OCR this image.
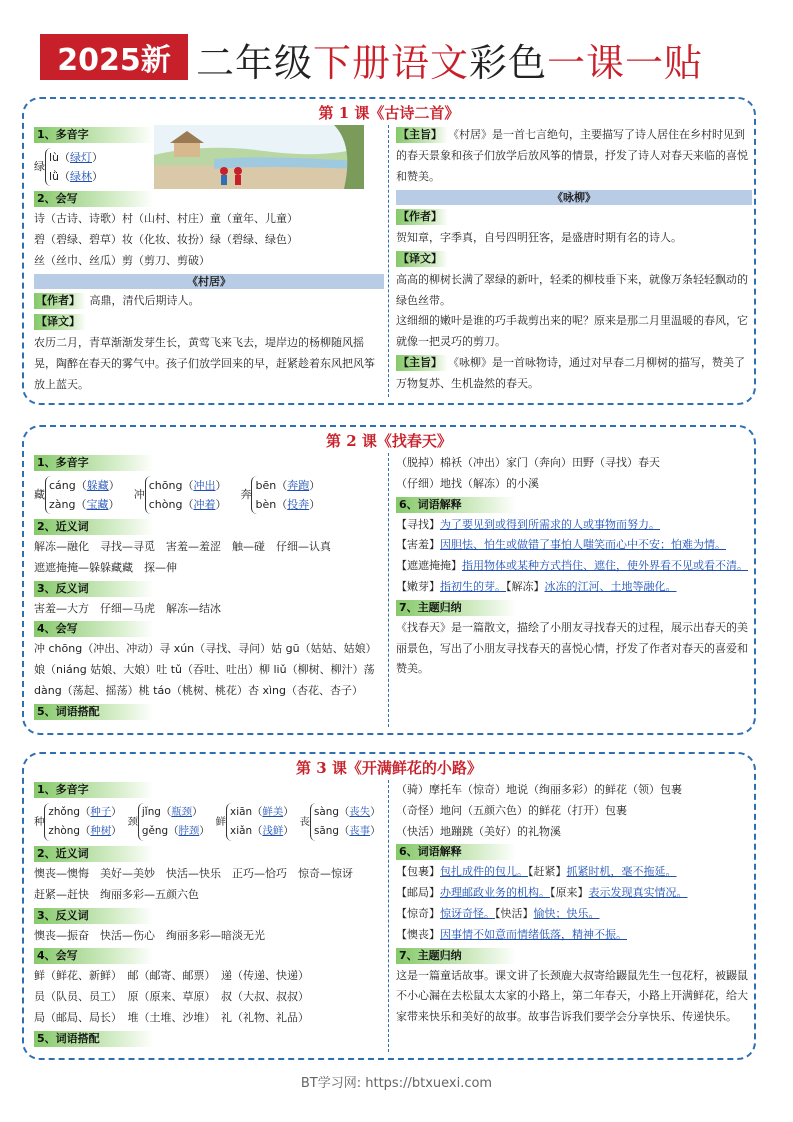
2025新 二年级下册语文彩色一课一贴
第 1 课《古诗二首》
1、多音字
绿
lù（绿灯）
lǜ（绿林）
2、会写
诗（古诗、诗歌）村（山村、村庄）童（童年、儿童）
碧（碧绿、碧草）妆（化妆、妆扮）绿（碧绿、绿色）
丝（丝巾、丝瓜）剪（剪刀、剪破）
《村居》
【作者】 高鼎，清代后期诗人。
【译文】
农历二月，青草渐渐发芽生长，黄莺飞来飞去，堤岸边的杨柳随风摇晃，陶醉在春天的雾气中。孩子们放学回来的早，赶紧趁着东风把风筝放上蓝天。
【主旨】 《村居》是一首七言绝句，主要描写了诗人居住在乡村时见到的春天景象和孩子们放学后放风筝的情景，抒发了诗人对春天来临的喜悦和赞美。
《咏柳》
【作者】
贺知章，字季真，自号四明狂客，是盛唐时期有名的诗人。
【译文】
高高的柳树长满了翠绿的新叶，轻柔的柳枝垂下来，就像万条轻轻飘动的绿色丝带。
这细细的嫩叶是谁的巧手裁剪出来的呢？原来是那二月里温暖的春风，它就像一把灵巧的剪刀。
【主旨】 《咏柳》是一首咏物诗，通过对早春二月柳树的描写，赞美了万物复苏、生机盎然的春天。
第 2 课《找春天》
1、多音字
藏
cáng（躲藏）
zàng（宝藏）
冲
chōng（冲出）
chòng（冲着）
奔
bēn（奔跑）
bèn（投奔）
2、近义词
解冻—融化　寻找—寻觅　害羞—羞涩　触—碰　仔细—认真
遮遮掩掩—躲躲藏藏　探—伸
3、反义词
害羞—大方　仔细—马虎　解冻—结冰
4、会写
冲 chōng（冲出、冲动）寻 xún（寻找、寻问）姑 gū（姑姑、姑娘）娘（niáng 姑娘、大娘）吐 tǔ（吞吐、吐出）柳 liǔ（柳树、柳汁）荡 dàng（荡起、摇荡）桃 táo（桃树、桃花）杏 xìng（杏花、杏子）
5、词语搭配
（脱掉）棉袄（冲出）家门（奔向）田野（寻找）春天
（仔细）地找（解冻）的小溪
6、词语解释
【寻找】为了要见到或得到所需求的人或事物而努力。
【害羞】因胆怯、怕生或做错了事怕人嗤笑而心中不安；怕难为情。
【遮遮掩掩】指用物体或某种方式挡住、遮住，使外界看不见或看不清。
【嫩芽】指初生的芽。【解冻】冰冻的江河、土地等融化。
7、主题归纳
《找春天》是一篇散文，描绘了小朋友寻找春天的过程，展示出春天的美丽景色，写出了小朋友寻找春天的喜悦心情，抒发了作者对春天的喜爱和赞美。
第 3 课《开满鲜花的小路》
1、多音字
种
zhǒng（种子）
zhòng（种树）
颈
jǐng（瓶颈）
gěng（脖颈）
鲜
xiān（鲜美）
xiǎn（浅鲜）
丧
sàng（丧失）
sāng（丧事）
2、近义词
懊丧—懊悔　美好—美妙　快活—快乐　正巧—恰巧　惊奇—惊讶
赶紧—赶快　绚丽多彩—五颜六色
3、反义词
懊丧—振奋　快活—伤心　绚丽多彩—暗淡无光
4、会写
鲜（鲜花、新鲜）　邮（邮寄、邮票）　递（传递、快递）
员（队员、员工）　原（原来、草原）　叔（大叔、叔叔）
局（邮局、局长）　堆（土堆、沙堆）　礼（礼物、礼品）
5、词语搭配
（骑）摩托车（惊奇）地说（绚丽多彩）的鲜花（领）包裹
（奇怪）地问（五颜六色）的鲜花（打开）包裹
（快活）地蹦跳（美好）的礼物溪
6、词语解释
【包裹】包扎成件的包儿。【赶紧】抓紧时机，毫不拖延。
【邮局】办理邮政业务的机构。【原来】表示发现真实情况。
【惊奇】惊讶奇怪。【快活】愉快；快乐。
【懊丧】因事情不如意而情绪低落，精神不振。
7、主题归纳
这是一篇童话故事。课文讲了长颈鹿大叔寄给鼹鼠先生一包花籽，被鼹鼠不小心漏在去松鼠太太家的小路上，第二年春天，小路上开满鲜花，给大家带来快乐和美好的故事。故事告诉我们要学会分享快乐、传递快乐。
BT学习网: https://btxuexi.com
